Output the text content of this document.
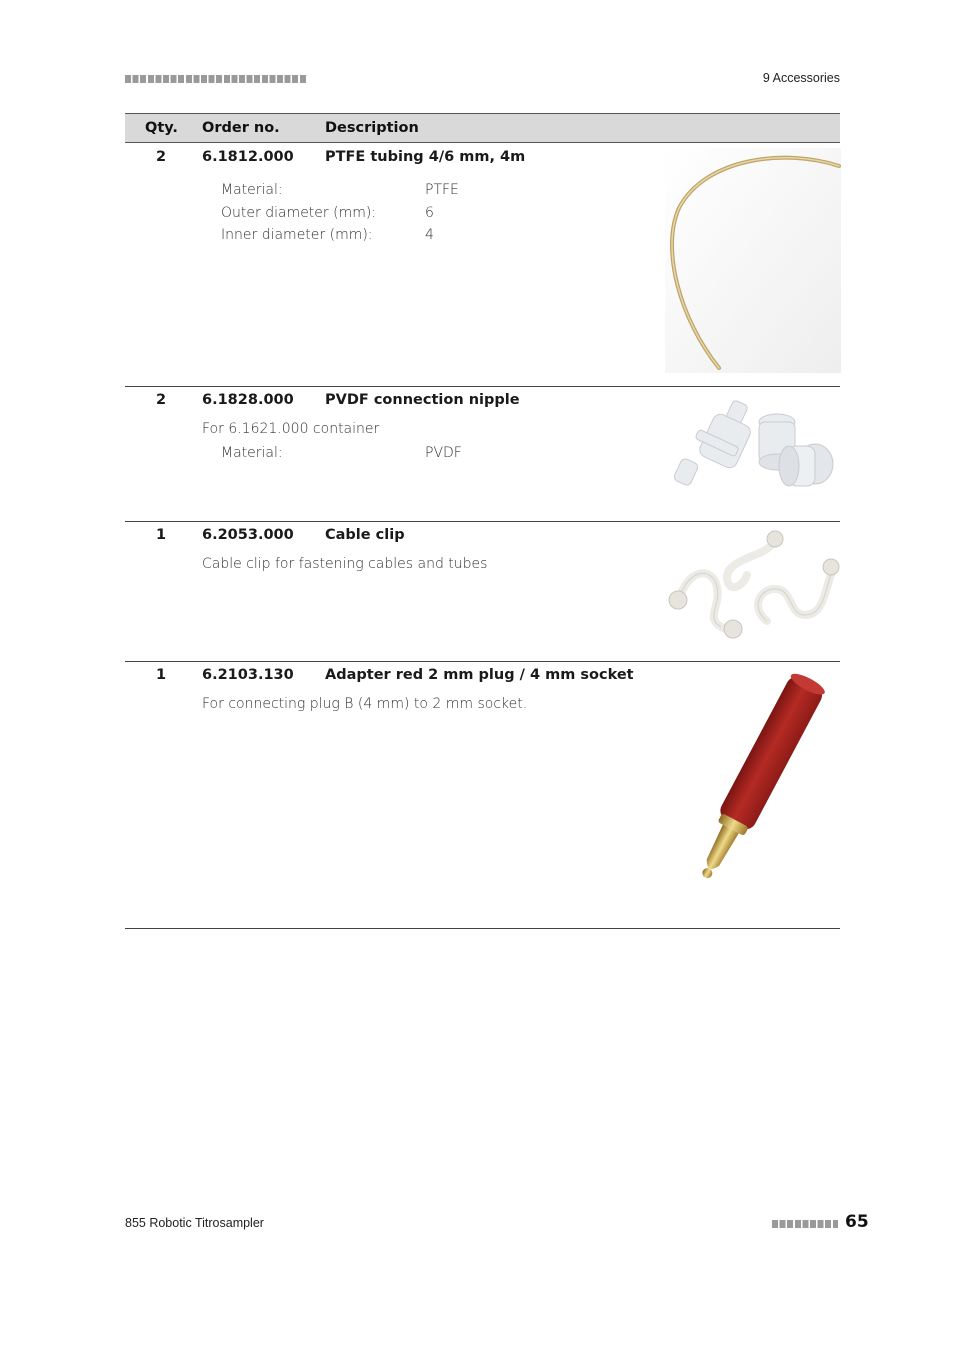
9 Accessories
Qty. Order no.	Description
2	6.1812.000 PTFE tubing 4/6 mm, 4m
Material:	PTFE
Outer diameter (mm):	6
Inner diameter (mm):	4
2	6.1828.000 PVDF connection nipple
For 6.1621.000 container
Material:	PVDF
1	6.2053.000 Cable clip
Cable clip for fastening cables and tubes
1	6.2103.130 Adapter red 2 mm plug / 4 mm socket
For connecting plug B (4 mm) to 2 mm socket.
855 Robotic Titrosampler	65
